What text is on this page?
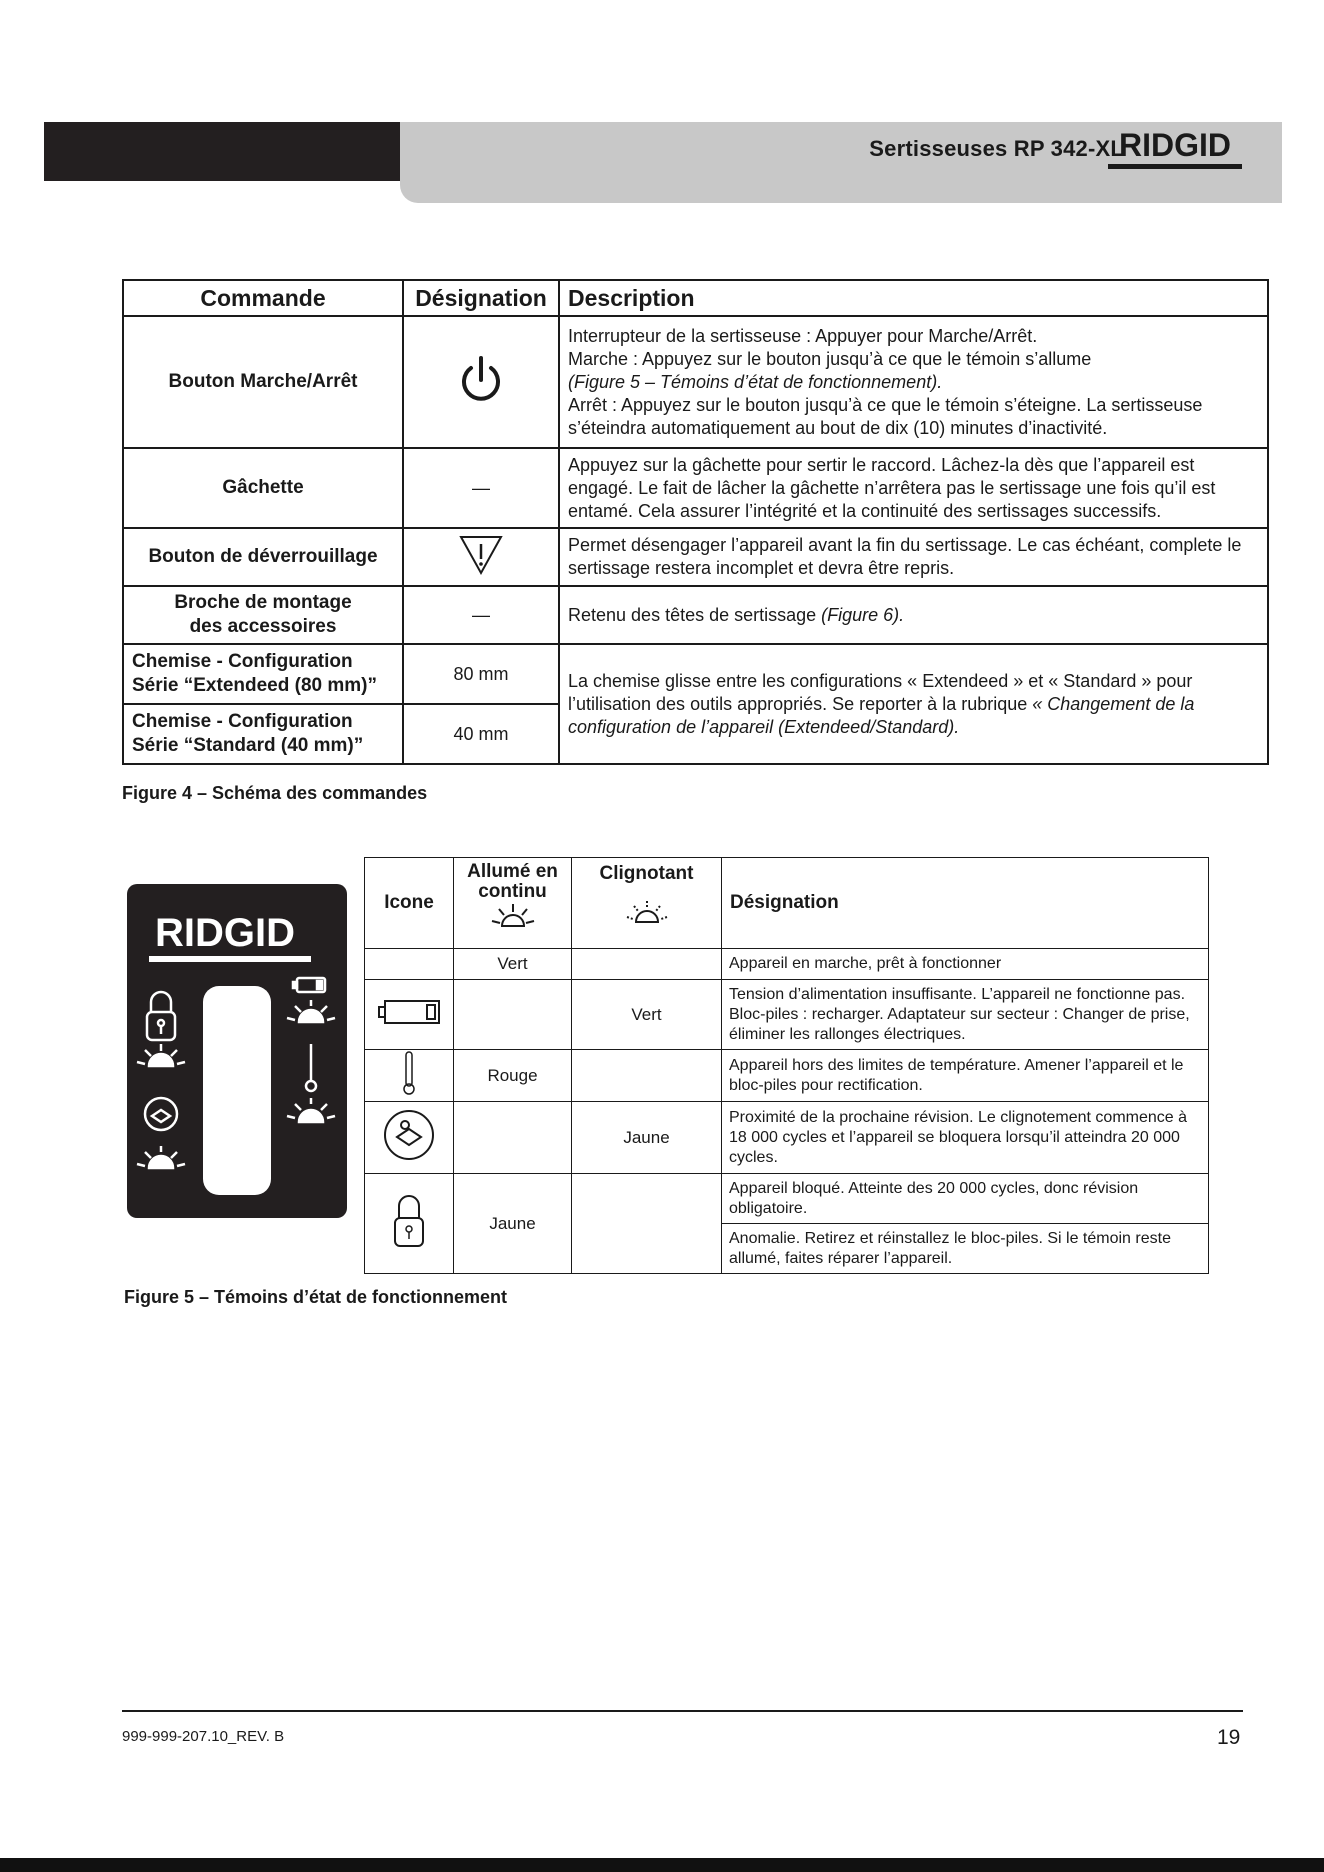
Sertisseuses RP 342-XL
RIDGID
Commande	Désignation	Description
Bouton Marche/Arrêt		Interrupteur de la sertisseuse : Appuyer pour Marche/Arrêt.

Marche : Appuyez sur le bouton jusqu’à ce que le témoin s’allume

(Figure 5 – Témoins d’état de fonctionnement).

Arrêt : Appuyez sur le bouton jusqu’à ce que le témoin s’éteigne. La sertisseuse s’éteindra automatiquement au bout de dix (10) minutes d’inactivité.

Gâchette	—	Appuyez sur la gâchette pour sertir le raccord. Lâchez-la dès que l’appareil est engagé. Le fait de lâcher la gâchette n’arrêtera pas le sertissage une fois qu’il est entamé. Cela assurer l’intégrité et la continuité des sertissages successifs.
Bouton de déverrouillage		Permet désengager l’appareil avant la fin du sertissage. Le cas échéant, complete le sertissage restera incomplet et devra être repris.

Broche de montage
des accessoires	—	Retenu des têtes de sertissage (Figure 6).

Chemise - Configuration
Série “Extendeed (80 mm)”	80 mm	La chemise glisse entre les configurations « Extendeed » et « Standard » pour l’utilisation des outils appropriés. Se reporter à la rubrique « Changement de la configuration de l’appareil (Extendeed/Standard).

Chemise - Configuration
Série “Standard (40 mm)”	40 mm	
Figure 4 – Schéma des commandes
RIDGID
Icone	Allumé en continu	Clignotant	Désignation
	Vert		Appareil en marche, prêt à fonctionner
		Vert	Tension d’alimentation insuffisante. L’appareil ne fonctionne pas. Bloc-piles : recharger. Adaptateur sur secteur : Changer de prise, éliminer les rallonges électriques.
	Rouge		Appareil hors des limites de température. Amener l’appareil et le bloc-piles pour rectification.
		Jaune	Proximité de la prochaine révision. Le clignotement commence à 18 000 cycles et l’appareil se bloquera lorsqu’il atteindra 20 000 cycles.
	Jaune		Appareil bloqué. Atteinte des 20 000 cycles, donc révision obligatoire.
			Anomalie. Retirez et réinstallez le bloc-piles. Si le témoin reste allumé, faites réparer l’appareil.
Figure 5 – Témoins d’état de fonctionnement
999-999-207.10_REV. B	19
